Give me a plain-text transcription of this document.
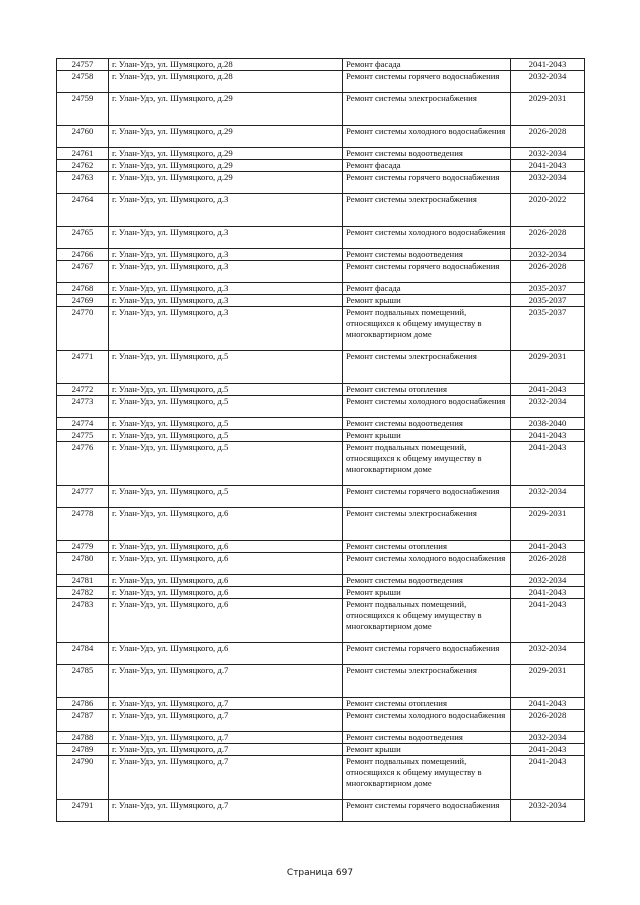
24757	г. Улан-Удэ, ул. Шумяцкого, д.28	Ремонт фасада	2041-2043
24758	г. Улан-Удэ, ул. Шумяцкого, д.28	Ремонт системы горячего водоснабжения	2032-2034
24759	г. Улан-Удэ, ул. Шумяцкого, д.29	Ремонт системы электроснабжения	2029-2031
24760	г. Улан-Удэ, ул. Шумяцкого, д.29	Ремонт системы холодного водоснабжения	2026-2028
24761	г. Улан-Удэ, ул. Шумяцкого, д.29	Ремонт системы водоотведения	2032-2034
24762	г. Улан-Удэ, ул. Шумяцкого, д.29	Ремонт фасада	2041-2043
24763	г. Улан-Удэ, ул. Шумяцкого, д.29	Ремонт системы горячего водоснабжения	2032-2034
24764	г. Улан-Удэ, ул. Шумяцкого, д.3	Ремонт системы электроснабжения	2020-2022
24765	г. Улан-Удэ, ул. Шумяцкого, д.3	Ремонт системы холодного водоснабжения	2026-2028
24766	г. Улан-Удэ, ул. Шумяцкого, д.3	Ремонт системы водоотведения	2032-2034
24767	г. Улан-Удэ, ул. Шумяцкого, д.3	Ремонт системы горячего водоснабжения	2026-2028
24768	г. Улан-Удэ, ул. Шумяцкого, д.3	Ремонт фасада	2035-2037
24769	г. Улан-Удэ, ул. Шумяцкого, д.3	Ремонт крыши	2035-2037
24770	г. Улан-Удэ, ул. Шумяцкого, д.3	Ремонт подвальных помещений, относящихся к общему имуществу в многоквартирном доме	2035-2037
24771	г. Улан-Удэ, ул. Шумяцкого, д.5	Ремонт системы электроснабжения	2029-2031
24772	г. Улан-Удэ, ул. Шумяцкого, д.5	Ремонт системы отопления	2041-2043
24773	г. Улан-Удэ, ул. Шумяцкого, д.5	Ремонт системы холодного водоснабжения	2032-2034
24774	г. Улан-Удэ, ул. Шумяцкого, д.5	Ремонт системы водоотведения	2038-2040
24775	г. Улан-Удэ, ул. Шумяцкого, д.5	Ремонт крыши	2041-2043
24776	г. Улан-Удэ, ул. Шумяцкого, д.5	Ремонт подвальных помещений, относящихся к общему имуществу в многоквартирном доме	2041-2043
24777	г. Улан-Удэ, ул. Шумяцкого, д.5	Ремонт системы горячего водоснабжения	2032-2034
24778	г. Улан-Удэ, ул. Шумяцкого, д.6	Ремонт системы электроснабжения	2029-2031
24779	г. Улан-Удэ, ул. Шумяцкого, д.6	Ремонт системы отопления	2041-2043
24780	г. Улан-Удэ, ул. Шумяцкого, д.6	Ремонт системы холодного водоснабжения	2026-2028
24781	г. Улан-Удэ, ул. Шумяцкого, д.6	Ремонт системы водоотведения	2032-2034
24782	г. Улан-Удэ, ул. Шумяцкого, д.6	Ремонт крыши	2041-2043
24783	г. Улан-Удэ, ул. Шумяцкого, д.6	Ремонт подвальных помещений, относящихся к общему имуществу в многоквартирном доме	2041-2043
24784	г. Улан-Удэ, ул. Шумяцкого, д.6	Ремонт системы горячего водоснабжения	2032-2034
24785	г. Улан-Удэ, ул. Шумяцкого, д.7	Ремонт системы электроснабжения	2029-2031
24786	г. Улан-Удэ, ул. Шумяцкого, д.7	Ремонт системы отопления	2041-2043
24787	г. Улан-Удэ, ул. Шумяцкого, д.7	Ремонт системы холодного водоснабжения	2026-2028
24788	г. Улан-Удэ, ул. Шумяцкого, д.7	Ремонт системы водоотведения	2032-2034
24789	г. Улан-Удэ, ул. Шумяцкого, д.7	Ремонт крыши	2041-2043
24790	г. Улан-Удэ, ул. Шумяцкого, д.7	Ремонт подвальных помещений, относящихся к общему имуществу в многоквартирном доме	2041-2043
24791	г. Улан-Удэ, ул. Шумяцкого, д.7	Ремонт системы горячего водоснабжения	2032-2034
Страница 697
